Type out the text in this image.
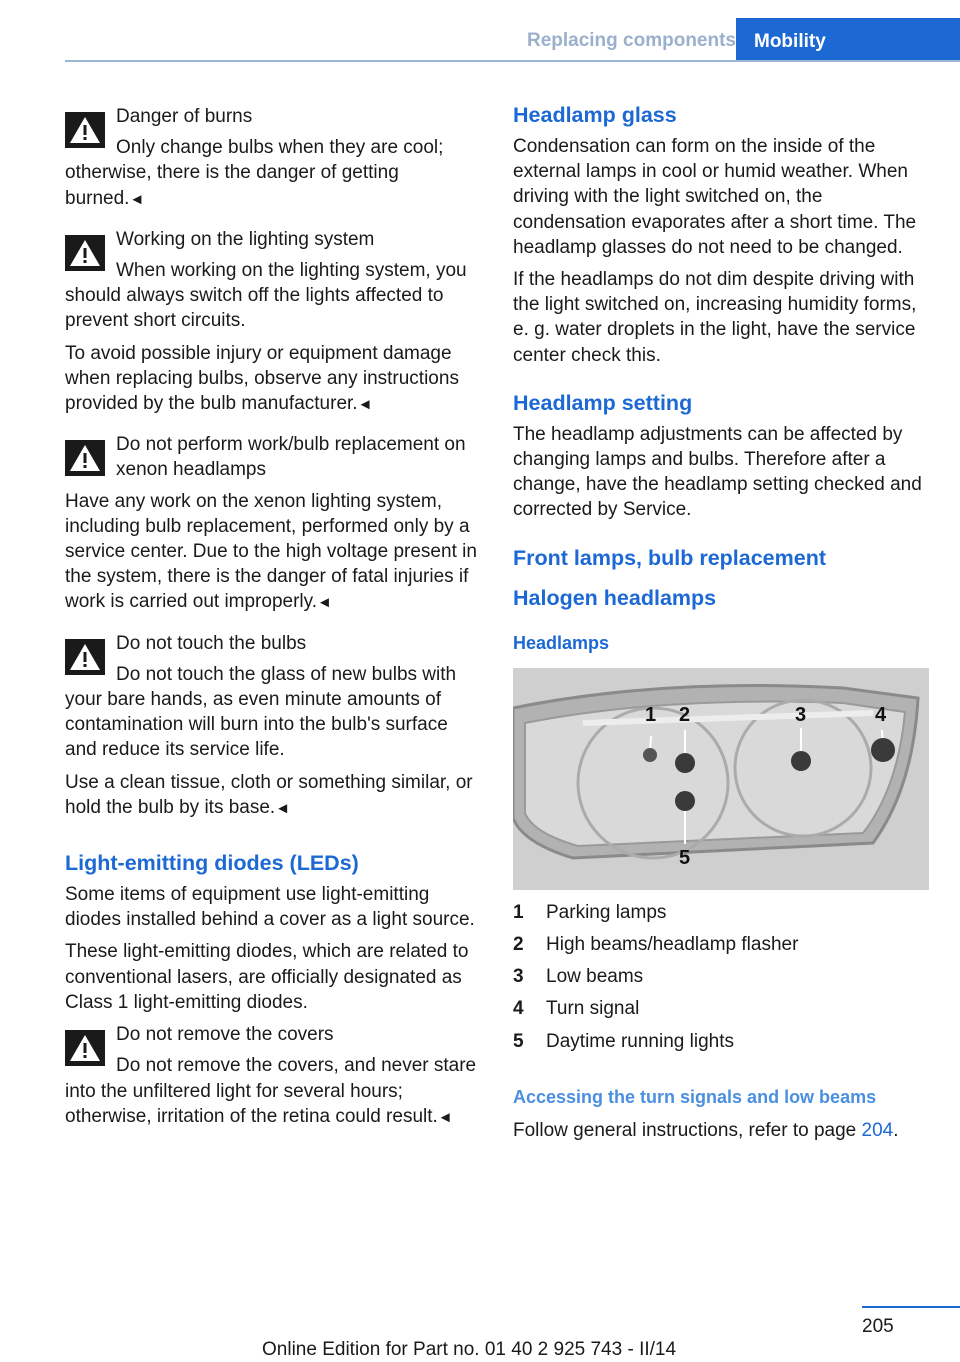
Replacing components Mobility
Danger of burns

Only change bulbs when they are cool; otherwise, there is the danger of getting burned.◄

Working on the lighting system

When working on the lighting system, you should always switch off the lights affected to prevent short circuits.

To avoid possible injury or equipment damage when replacing bulbs, observe any instructions provided by the bulb manufacturer.◄

Do not perform work/bulb replacement on xenon headlamps

Have any work on the xenon lighting system, including bulb replacement, performed only by a service center. Due to the high voltage present in the system, there is the danger of fatal injuries if work is carried out improperly.◄

Do not touch the bulbs

Do not touch the glass of new bulbs with your bare hands, as even minute amounts of contamination will burn into the bulb's surface and reduce its service life.

Use a clean tissue, cloth or something similar, or hold the bulb by its base.◄

Light-emitting diodes (LEDs)

Some items of equipment use light-emitting diodes installed behind a cover as a light source.

These light-emitting diodes, which are related to conventional lasers, are officially designated as Class 1 light-emitting diodes.

Do not remove the covers

Do not remove the covers, and never stare into the unfiltered light for several hours; otherwise, irritation of the retina could result.◄

Headlamp glass

Condensation can form on the inside of the external lamps in cool or humid weather. When driving with the light switched on, the condensation evaporates after a short time. The headlamp glasses do not need to be changed.

If the headlamps do not dim despite driving with the light switched on, increasing humidity forms, e. g. water droplets in the light, have the service center check this.

Headlamp setting

The headlamp adjustments can be affected by changing lamps and bulbs. Therefore after a change, have the headlamp setting checked and corrected by Service.

Front lamps, bulb replacement
Halogen headlamps
Headlamps
1 2	3	4
5
1	Parking lamps
2	High beams/headlamp flasher
3	Low beams
4	Turn signal
5	Daytime running lights
Accessing the turn signals and low beams

Follow general instructions, refer to page 204.

205
Online Edition for Part no. 01 40 2 925 743 - II/14
